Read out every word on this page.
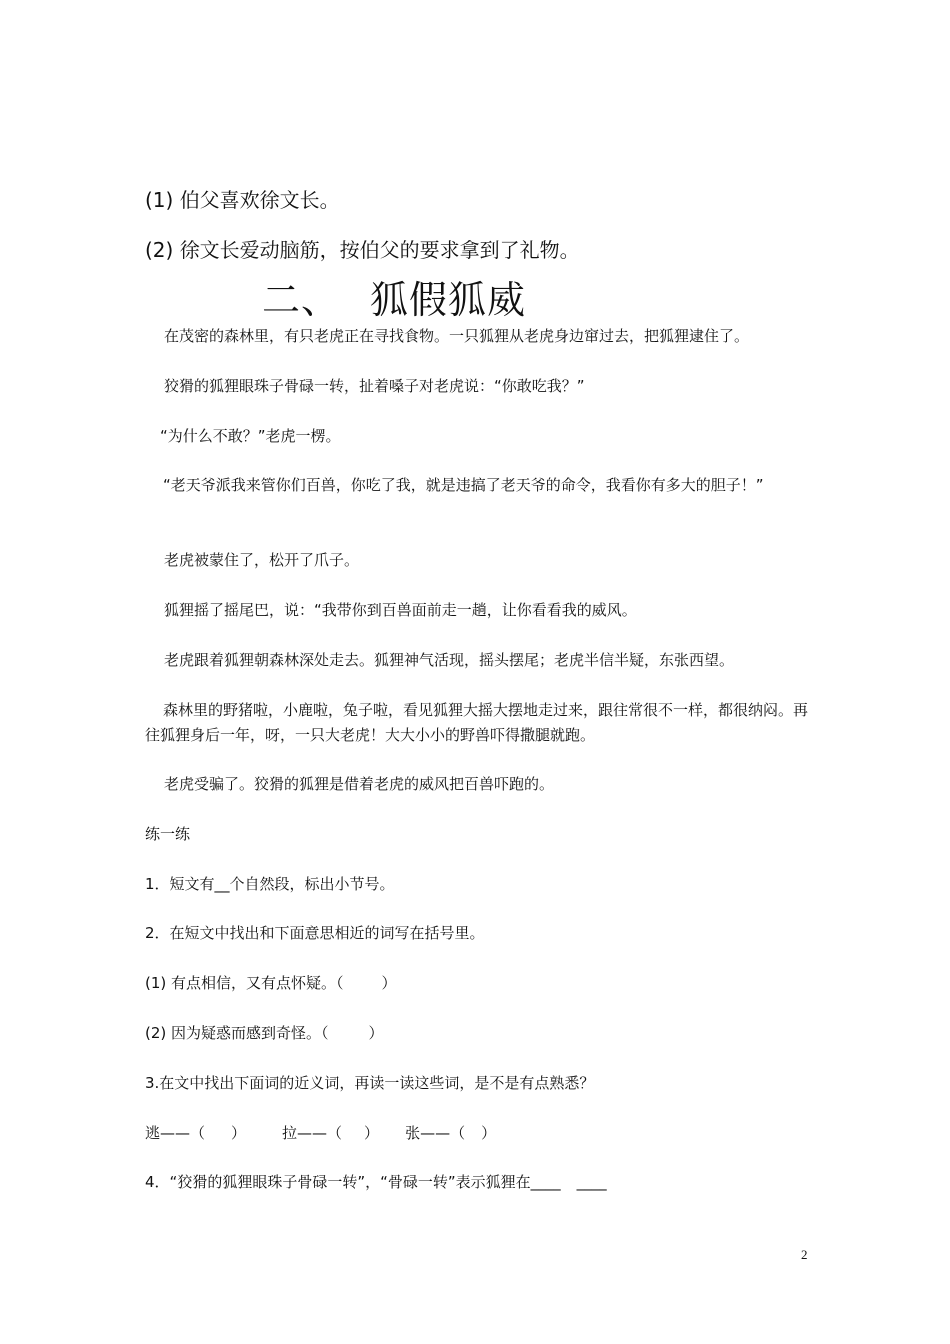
(1) 伯父喜欢徐文长。
(2) 徐文长爱动脑筋，按伯父的要求拿到了礼物。
二、 狐假狐威
在茂密的森林里，有只老虎正在寻找食物。一只狐狸从老虎身边窜过去，把狐狸逮住了。
狡猾的狐狸眼珠子骨碌一转，扯着嗓子对老虎说：“你敢吃我？”
“为什么不敢？”老虎一楞。
“老天爷派我来管你们百兽，你吃了我，就是违搞了老天爷的命令，我看你有多大的胆子！”
老虎被蒙住了，松开了爪子。
狐狸摇了摇尾巴，说：“我带你到百兽面前走一趟，让你看看我的威风。
老虎跟着狐狸朝森林深处走去。狐狸神气活现，摇头摆尾；老虎半信半疑，东张西望。
森林里的野猪啦，小鹿啦，兔子啦，看见狐狸大摇大摆地走过来，跟往常很不一样，都很纳闷。再往狐狸身后一年，呀，一只大老虎！大大小小的野兽吓得撒腿就跑。
老虎受骗了。狡猾的狐狸是借着老虎的威风把百兽吓跑的。
练一练
1．短文有__个自然段，标出小节号。
2．在短文中找出和下面意思相近的词写在括号里。
(1) 有点相信，又有点怀疑。（	）
(2) 因为疑惑而感到奇怪。（	）
3.在文中找出下面词的近义词，再读一读这些词，是不是有点熟悉？
逃——（ ） 拉——（ ） 张——（ ）
4．“狡猾的狐狸眼珠子骨碌一转”，“骨碌一转”表示狐狸在____ ____
2
